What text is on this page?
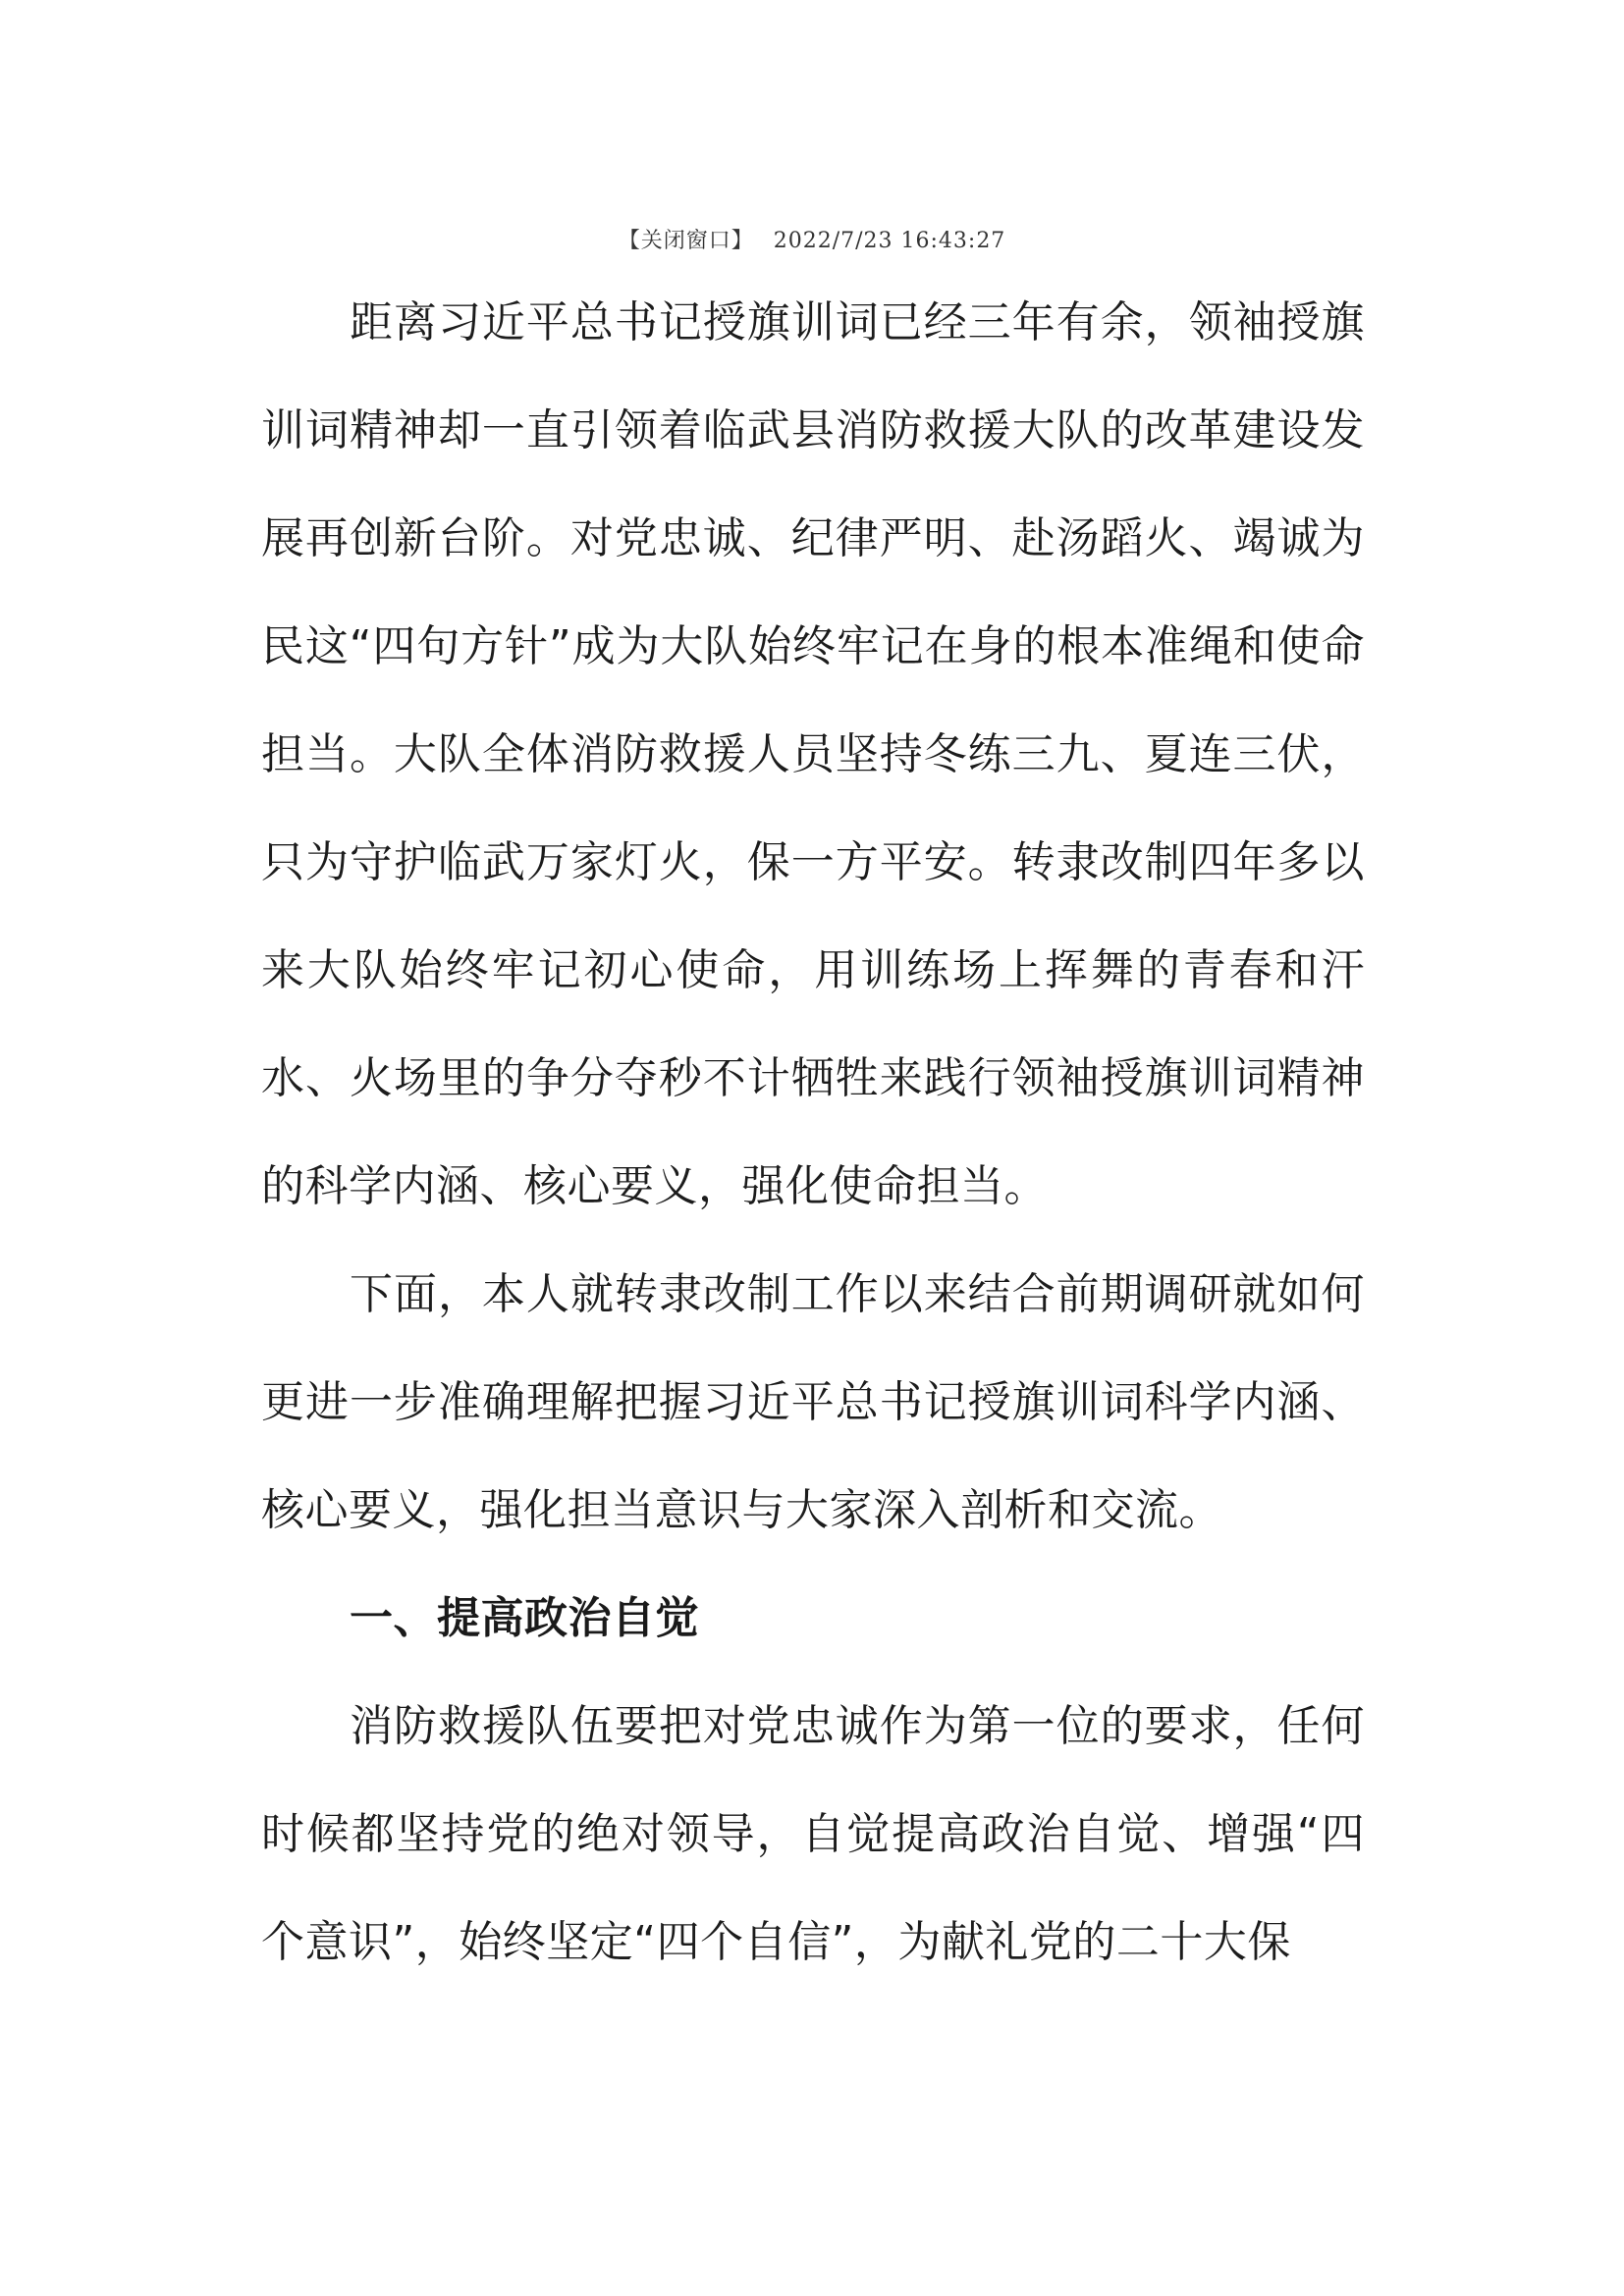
【关闭窗口】 2022/7/23 16:43:27

距离习近平总书记授旗训词已经三年有余，领袖授旗训词精神却一直引领着临武县消防救援大队的改革建设发展再创新台阶。对党忠诚、纪律严明、赴汤蹈火、竭诚为民这“四句方针”成为大队始终牢记在身的根本准绳和使命担当。大队全体消防救援人员坚持冬练三九、夏连三伏，只为守护临武万家灯火，保一方平安。转隶改制四年多以来大队始终牢记初心使命，用训练场上挥舞的青春和汗水、火场里的争分夺秒不计牺牲来践行领袖授旗训词精神的科学内涵、核心要义，强化使命担当。

下面，本人就转隶改制工作以来结合前期调研就如何更进一步准确理解把握习近平总书记授旗训词科学内涵、核心要义，强化担当意识与大家深入剖析和交流。

一、提高政治自觉

消防救援队伍要把对党忠诚作为第一位的要求，任何时候都坚持党的绝对领导，自觉提高政治自觉、增强“四个意识”，始终坚定“四个自信”，为献礼党的二十大保
